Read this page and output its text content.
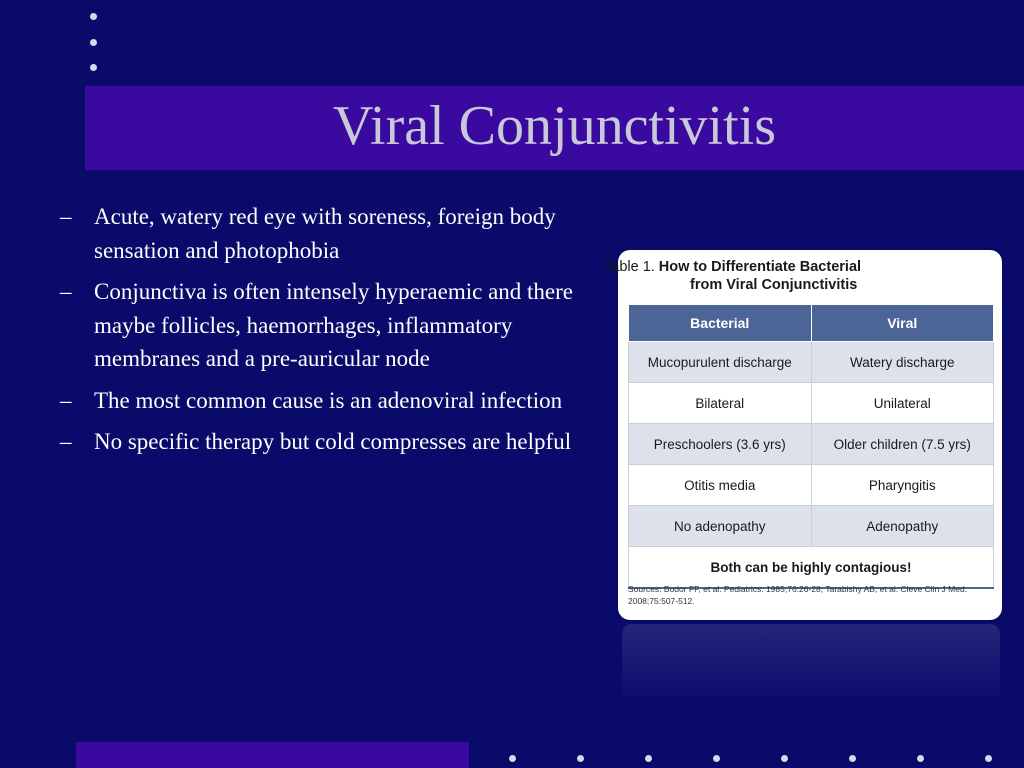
Viral Conjunctivitis
– Acute, watery red eye with soreness, foreign body sensation and photophobia
– Conjunctiva is often intensely hyperaemic and there maybe follicles, haemorrhages, inflammatory membranes and a pre-auricular node
– The most common cause is an adenoviral infection
– No specific therapy but cold compresses are helpful
Table 1. How to Differentiate Bacterial
from Viral Conjunctivitis
Bacterial	Viral
Mucopurulent discharge	Watery discharge
Bilateral	Unilateral
Preschoolers (3.6 yrs)	Older children (7.5 yrs)
Otitis media	Pharyngitis
No adenopathy	Adenopathy
Both can be highly contagious!	
Sources: Bodor FF, et al. Pediatrics. 1985;76:26-28; Tarabishy AB, et al. Cleve Clin J Med. 2008;75:507-512.
